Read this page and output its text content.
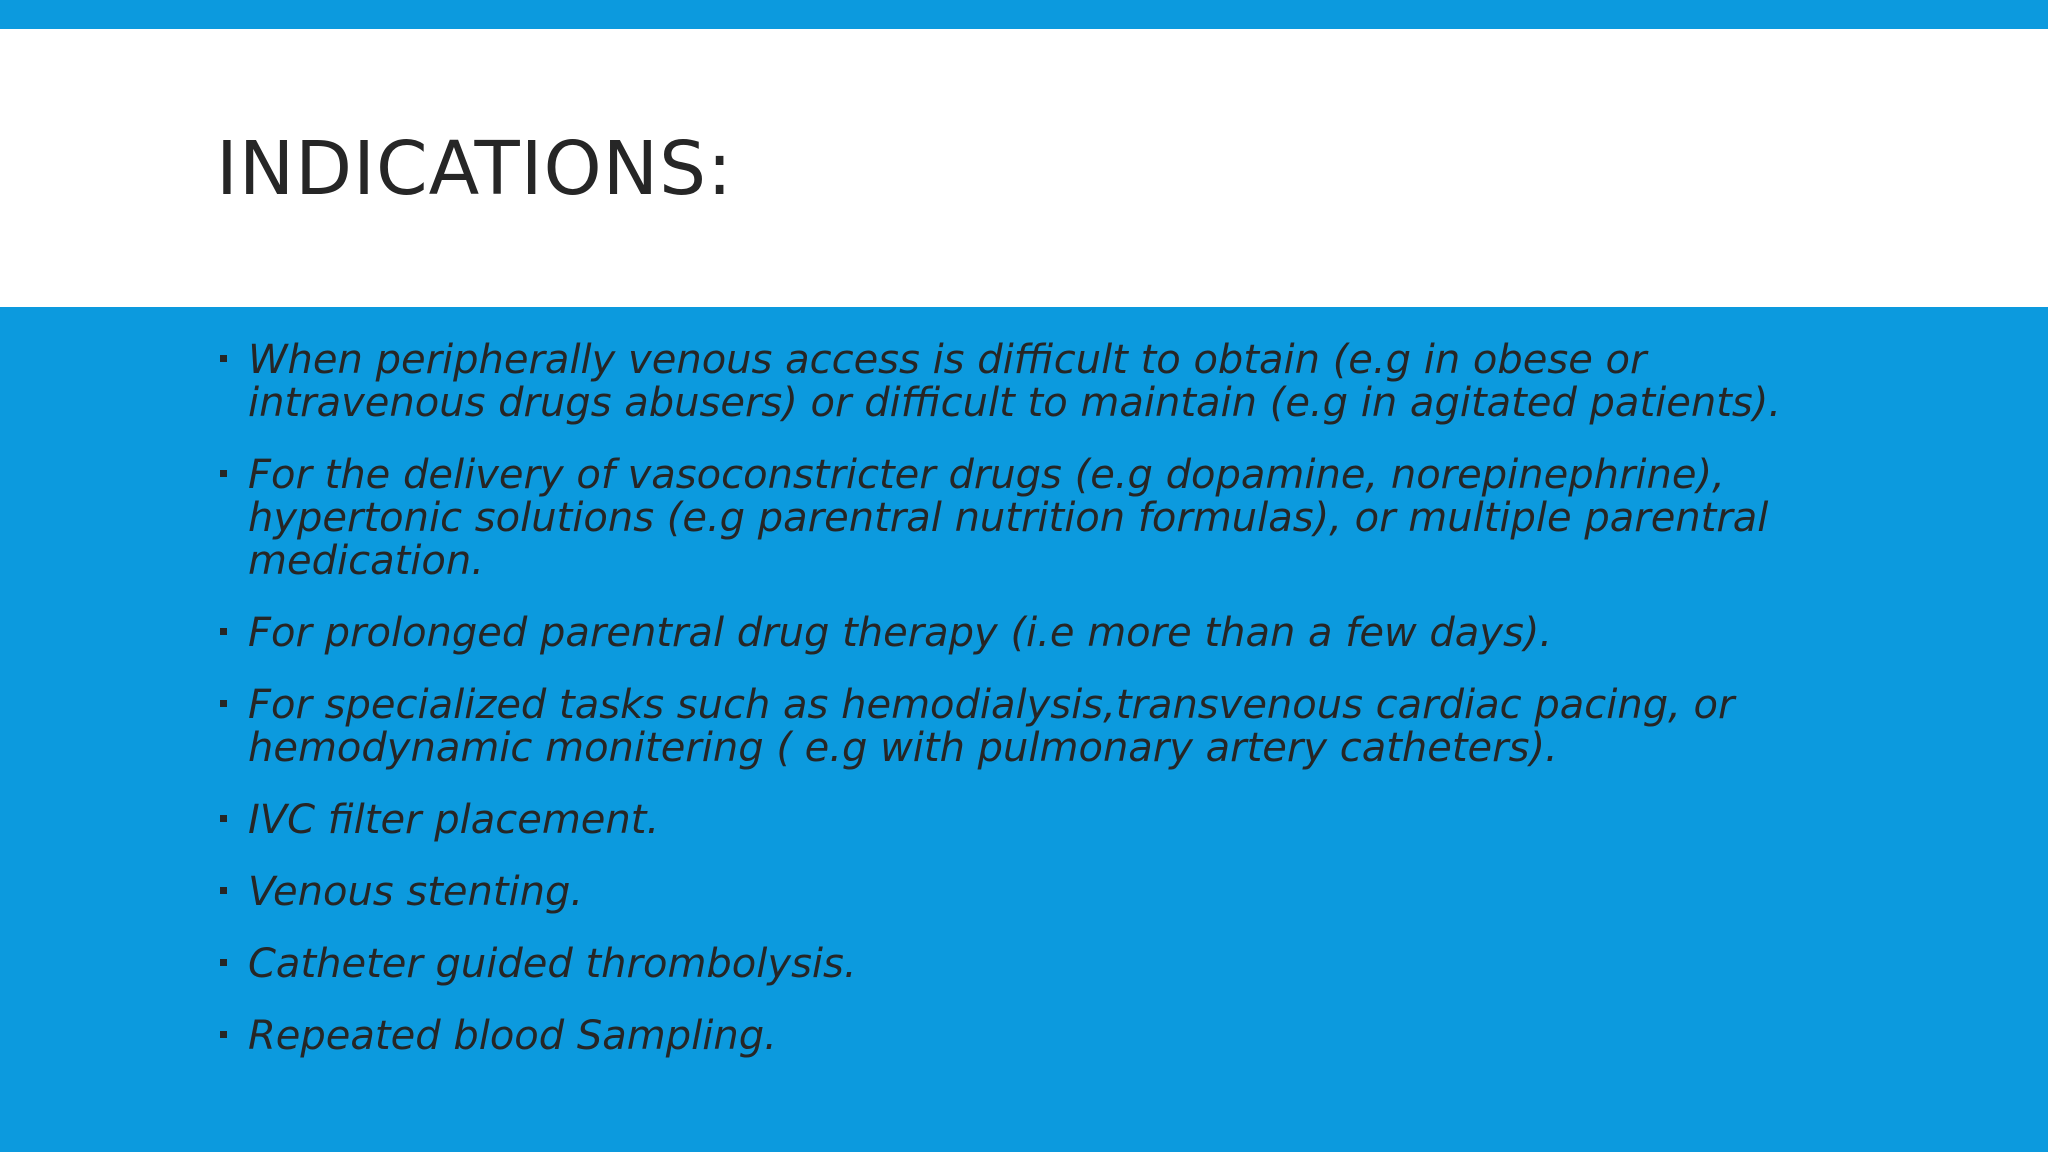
INDICATIONS:
When peripherally venous access is difficult to obtain (e.g in obese or intravenous drugs abusers) or difficult to maintain (e.g in agitated patients).
For the delivery of vasoconstricter drugs (e.g dopamine, norepinephrine), hypertonic solutions (e.g parentral nutrition formulas), or multiple parentral medication.
For prolonged parentral drug therapy (i.e more than a few days).
For specialized tasks such as hemodialysis,transvenous cardiac pacing, or hemodynamic monitering ( e.g with pulmonary artery catheters).
IVC filter placement.
Venous stenting.
Catheter guided thrombolysis.
Repeated blood Sampling.
